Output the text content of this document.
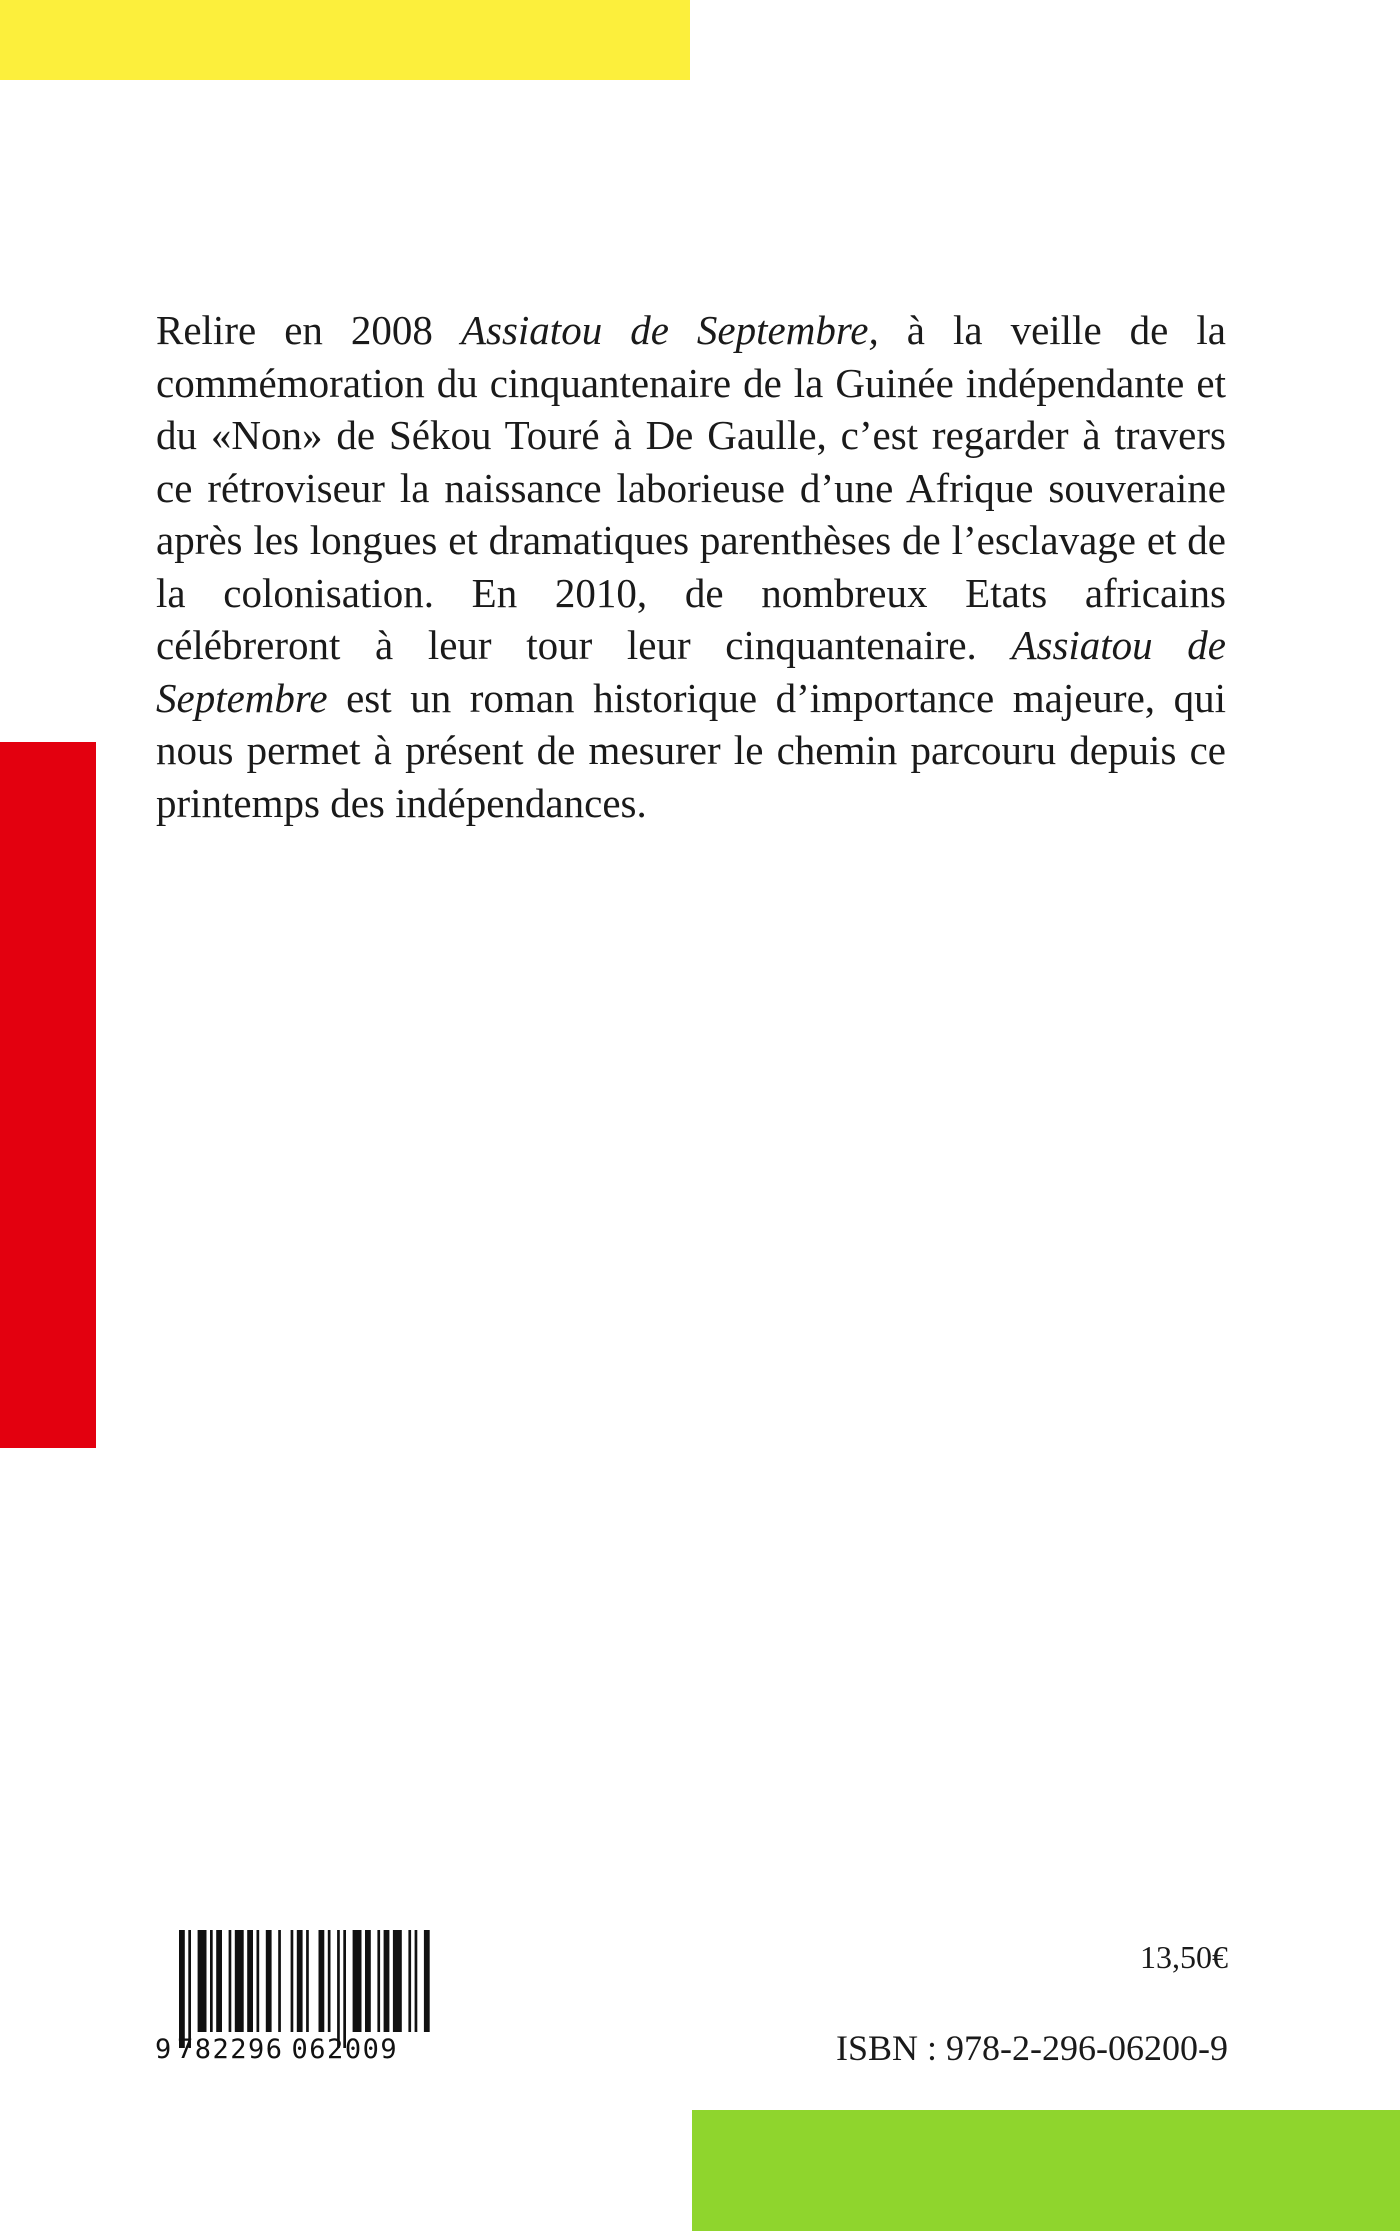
Relire en 2008 Assiatou de Septembre, à la veille de la commémoration du cinquantenaire de la Guinée indépendante et du «Non» de Sékou Touré à De Gaulle, c’est regarder à travers ce rétroviseur la naissance laborieuse d’une Afrique souveraine après les longues et dramatiques parenthèses de l’esclavage et de la colonisation. En 2010, de nombreux Etats africains célébreront à leur tour leur cinquantenaire. Assiatou de Septembre est un roman historique d’importance majeure, qui nous permet à présent de mesurer le chemin parcouru depuis ce printemps des indépendances.

9 782296 062009
13,50€
ISBN : 978-2-296-06200-9
